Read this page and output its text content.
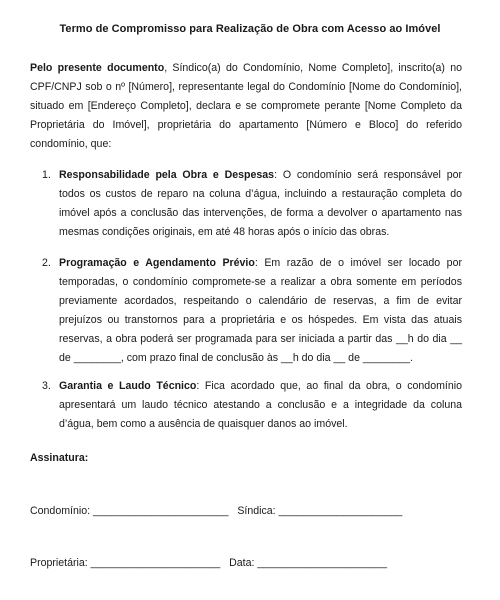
Termo de Compromisso para Realização de Obra com Acesso ao Imóvel
Pelo presente documento, Síndico(a) do Condomínio, Nome Completo], inscrito(a) no CPF/CNPJ sob o nº [Número], representante legal do Condomínio [Nome do Condomínio], situado em [Endereço Completo], declara e se compromete perante [Nome Completo da Proprietária do Imóvel], proprietária do apartamento [Número e Bloco] do referido condomínio, que:
1. Responsabilidade pela Obra e Despesas: O condomínio será responsável por todos os custos de reparo na coluna d’água, incluindo a restauração completa do imóvel após a conclusão das intervenções, de forma a devolver o apartamento nas mesmas condições originais, em até 48 horas após o início das obras.
2. Programação e Agendamento Prévio: Em razão de o imóvel ser locado por temporadas, o condomínio compromete-se a realizar a obra somente em períodos previamente acordados, respeitando o calendário de reservas, a fim de evitar prejuízos ou transtornos para a proprietária e os hóspedes. Em vista das atuais reservas, a obra poderá ser programada para ser iniciada a partir das __h do dia __ de ________, com prazo final de conclusão às __h do dia __ de ________.
3. Garantia e Laudo Técnico: Fica acordado que, ao final da obra, o condomínio apresentará um laudo técnico atestando a conclusão e a integridade da coluna d’água, bem como a ausência de quaisquer danos ao imóvel.
Assinatura:
Condomínio: _______________________   Síndica: _____________________
Proprietária: ______________________   Data: ______________________
